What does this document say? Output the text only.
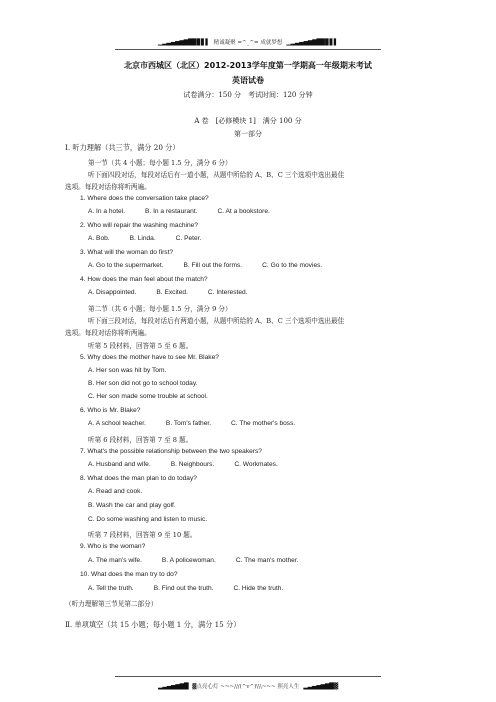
▁▂▃▄▅▆▇█▉▊▋▌ 精诚凝聚 =^_^= 成就梦想 ▁▂▃▄▅▆▇█▉▊▋▌
北京市西城区（北区）2012-2013学年度第一学期高一年级期末考试
英语试卷
试卷满分：150 分　考试时间：120 分钟
A 卷　[必修模块 1]　满分 100 分
第一部分
I. 听力理解（共三节，满分 20 分）
第一节（共 4 小题；每小题 1.5 分，满分 6 分）
听下面四段对话，每段对话后有一道小题，从题中所给的 A、B、C 三个选项中选出最佳
选项。每段对话你将听两遍。
1. Where does the conversation take place?
A. In a hotel.	B. In a restaurant.	C. At a bookstore.
2. Who will repair the washing machine?
A. Bob.	B. Linda.	C. Peter.
3. What will the woman do first?
A. Go to the supermarket.	B. Fill out the forms.	C. Go to the movies.
4. How does the man feel about the match?
A. Disappointed.	B. Excited.	C. Interested.
第二节（共 6 小题；每小题 1.5 分，满分 9 分）
听下面三段对话，每段对话后有两道小题，从题中所给的 A、B、C 三个选项中选出最佳
选项。每段对话你将听两遍。
听第 5 段材料，回答第 5 至 6 题。
5. Why does the mother have to see Mr. Blake?
A. Her son was hit by Tom.
B. Her son did not go to school today.
C. Her son made some trouble at school.
6. Who is Mr. Blake?
A. A school teacher.	B. Tom's father.	C. The mother's boss.
听第 6 段材料，回答第 7 至 8 题。
7. What's the possible relationship between the two speakers?
A. Husband and wife.	B. Neighbours.	C. Workmates.
8. What does the man plan to do today?
A. Read and cook.
B. Wash the car and play golf.
C. Do some washing and listen to music.
听第 7 段材料，回答第 9 至 10 题。
9. Who is the woman?
A. The man's wife.	B. A policewoman.	C. The man's mother.
10. What does the man try to do?
A. Tell the truth.	B. Find out the truth.	C. Hide the truth.
（听力理解第三节见第二部分）
Ⅱ. 单项填空（共 15 小题；每小题 1 分，满分 15 分）
▂▃▄▅▆▇█ ▓点亮心灯 ~~~///(^v^)\\\~~~ 照亮人生 ▂▃▄▅▆▇█▓
